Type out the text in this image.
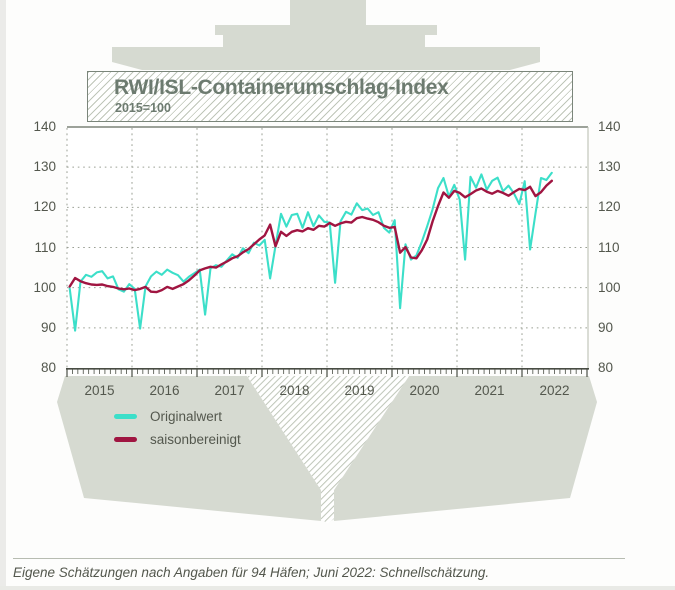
RWI/ISL-Containerumschlag-Index
2015=100
80	80
90	90
100	100
110	110
120	120
130	130
140	140
2015	2016	2017	2018	2019	2020	2021	2022
Originalwert
saisonbereinigt
Eigene Schätzungen nach Angaben für 94 Häfen; Juni 2022: Schnellschätzung.
